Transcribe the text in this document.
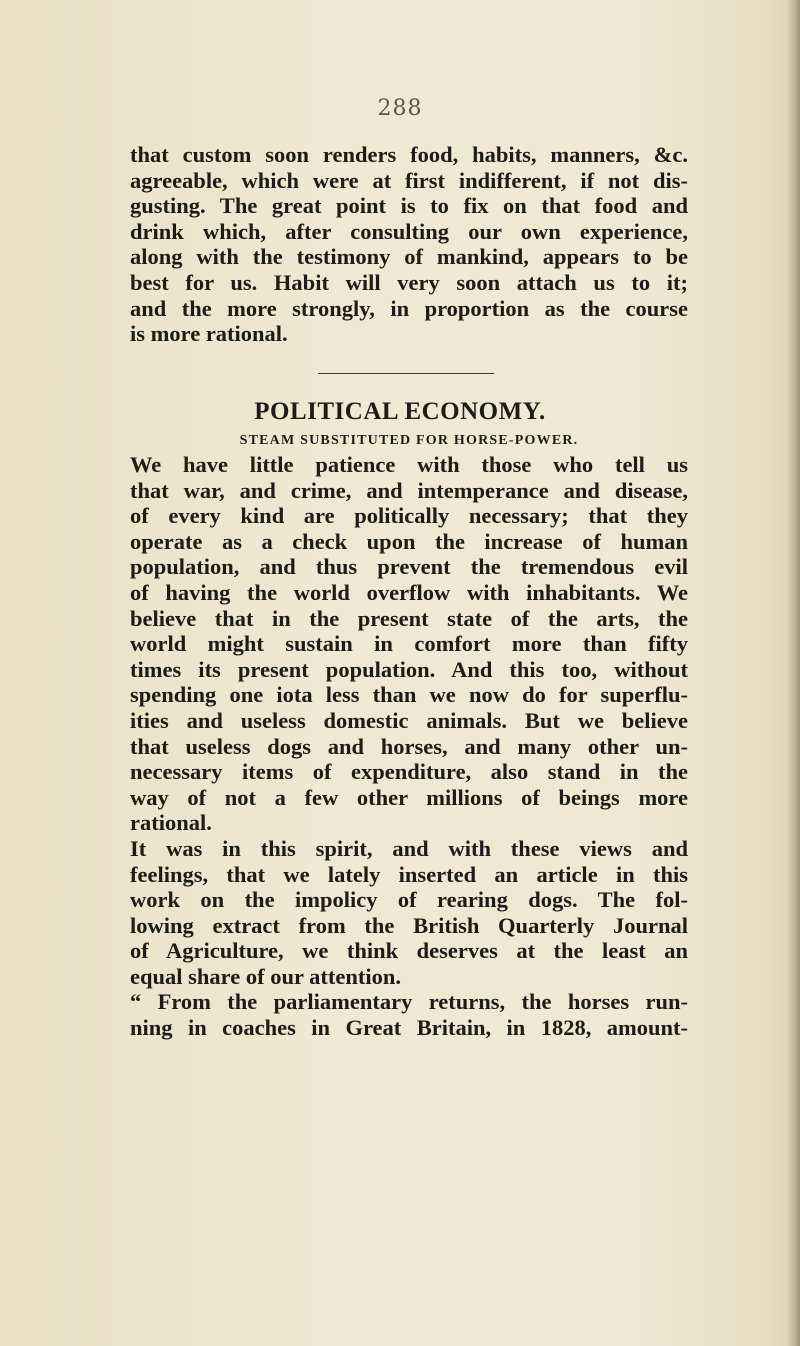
288
that custom soon renders food, habits, manners, &c.
agreeable, which were at first indifferent, if not dis-
gusting. The great point is to fix on that food and
drink which, after consulting our own experience,
along with the testimony of mankind, appears to be
best for us. Habit will very soon attach us to it;
and the more strongly, in proportion as the course
is more rational.
POLITICAL ECONOMY.
STEAM SUBSTITUTED FOR HORSE-POWER.
We have little patience with those who tell us
that war, and crime, and intemperance and disease,
of every kind are politically necessary; that they
operate as a check upon the increase of human
population, and thus prevent the tremendous evil
of having the world overflow with inhabitants. We
believe that in the present state of the arts, the
world might sustain in comfort more than fifty
times its present population. And this too, without
spending one iota less than we now do for superflu-
ities and useless domestic animals. But we believe
that useless dogs and horses, and many other un-
necessary items of expenditure, also stand in the
way of not a few other millions of beings more
rational.
It was in this spirit, and with these views and
feelings, that we lately inserted an article in this
work on the impolicy of rearing dogs. The fol-
lowing extract from the British Quarterly Journal
of Agriculture, we think deserves at the least an
equal share of our attention.
“ From the parliamentary returns, the horses run-
ning in coaches in Great Britain, in 1828, amount-
